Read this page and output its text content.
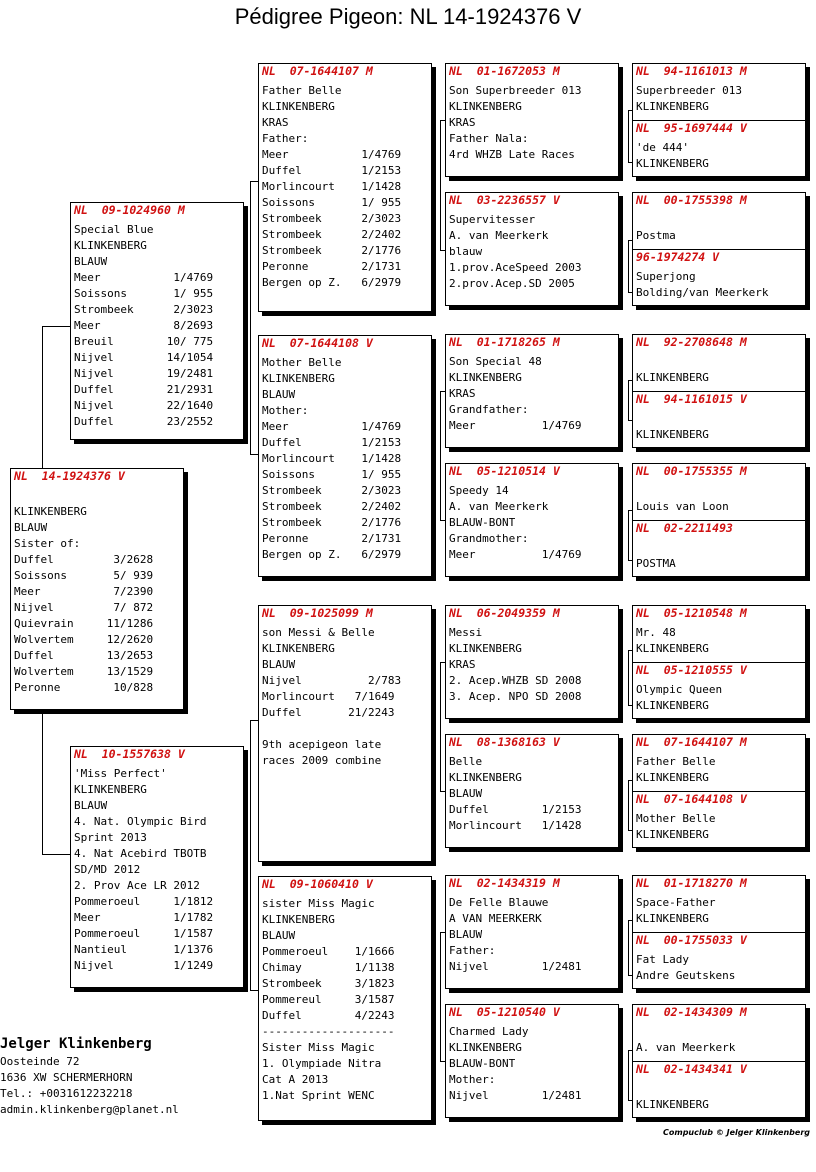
Pédigree Pigeon: NL 14-1924376 V
NL  14-1924376 V
KLINKENBERG
BLAUW
Sister of:
Duffel         3/2628
Soissons       5/ 939
Meer           7/2390
Nijvel         7/ 872
Quievrain     11/1286
Wolvertem     12/2620
Duffel        13/2653
Wolvertem     13/1529
Peronne        10/828
NL  09-1024960 M
Special Blue
KLINKENBERG
BLAUW
Meer           1/4769
Soissons       1/ 955
Strombeek      2/3023
Meer           8/2693
Breuil        10/ 775
Nijvel        14/1054
Nijvel        19/2481
Duffel        21/2931
Nijvel        22/1640
Duffel        23/2552
NL  10-1557638 V
'Miss Perfect'
KLINKENBERG
BLAUW
4. Nat. Olympic Bird
Sprint 2013
4. Nat Acebird TBOTB
SD/MD 2012
2. Prov Ace LR 2012
Pommeroeul     1/1812
Meer           1/1782
Pommeroeul     1/1587
Nantieul       1/1376
Nijvel         1/1249
NL  07-1644107 M
Father Belle
KLINKENBERG
KRAS
Father:
Meer           1/4769
Duffel         1/2153
Morlincourt    1/1428
Soissons       1/ 955
Strombeek      2/3023
Strombeek      2/2402
Strombeek      2/1776
Peronne        2/1731
Bergen op Z.   6/2979
NL  07-1644108 V
Mother Belle
KLINKENBERG
BLAUW
Mother:
Meer           1/4769
Duffel         1/2153
Morlincourt    1/1428
Soissons       1/ 955
Strombeek      2/3023
Strombeek      2/2402
Strombeek      2/1776
Peronne        2/1731
Bergen op Z.   6/2979
NL  09-1025099 M
son Messi & Belle
KLINKENBERG
BLAUW
Nijvel          2/783
Morlincourt   7/1649
Duffel       21/2243
9th acepigeon late
races 2009 combine
NL  09-1060410 V
sister Miss Magic
KLINKENBERG
BLAUW
Pommeroeul    1/1666
Chimay        1/1138
Strombeek     3/1823
Pommereul     3/1587
Duffel        4/2243
--------------------
Sister Miss Magic
1. Olympiade Nitra
Cat A 2013
1.Nat Sprint WENC
NL  01-1672053 M
Son Superbreeder 013
KLINKENBERG
KRAS
Father Nala:
4rd WHZB Late Races
NL  03-2236557 V
Supervitesser
A. van Meerkerk
blauw
1.prov.AceSpeed 2003
2.prov.Acep.SD 2005
NL  01-1718265 M
Son Special 48
KLINKENBERG
KRAS
Grandfather:
Meer          1/4769
NL  05-1210514 V
Speedy 14
A. van Meerkerk
BLAUW-BONT
Grandmother:
Meer          1/4769
NL  06-2049359 M
Messi
KLINKENBERG
KRAS
2. Acep.WHZB SD 2008
3. Acep. NPO SD 2008
NL  08-1368163 V
Belle
KLINKENBERG
BLAUW
Duffel        1/2153
Morlincourt   1/1428
NL  02-1434319 M
De Felle Blauwe
A VAN MEERKERK
BLAUW
Father:
Nijvel        1/2481
NL  05-1210540 V
Charmed Lady
KLINKENBERG
BLAUW-BONT
Mother:
Nijvel        1/2481
NL  94-1161013 M
Superbreeder 013
KLINKENBERG
NL  95-1697444 V
'de 444'
KLINKENBERG
NL  00-1755398 M
Postma
96-1974274 V
Superjong
Bolding/van Meerkerk
NL  92-2708648 M
KLINKENBERG
NL  94-1161015 V
KLINKENBERG
NL  00-1755355 M
Louis van Loon
NL  02-2211493
POSTMA
NL  05-1210548 M
Mr. 48
KLINKENBERG
NL  05-1210555 V
Olympic Queen
KLINKENBERG
NL  07-1644107 M
Father Belle
KLINKENBERG
NL  07-1644108 V
Mother Belle
KLINKENBERG
NL  01-1718270 M
Space-Father
KLINKENBERG
NL  00-1755033 V
Fat Lady
Andre Geutskens
NL  02-1434309 M
A. van Meerkerk
NL  02-1434341 V
KLINKENBERG
Jelger Klinkenberg
Oosteinde 72
1636 XW SCHERMERHORN
Tel.: +0031612232218
admin.klinkenberg@planet.nl
Compuclub © Jelger Klinkenberg
